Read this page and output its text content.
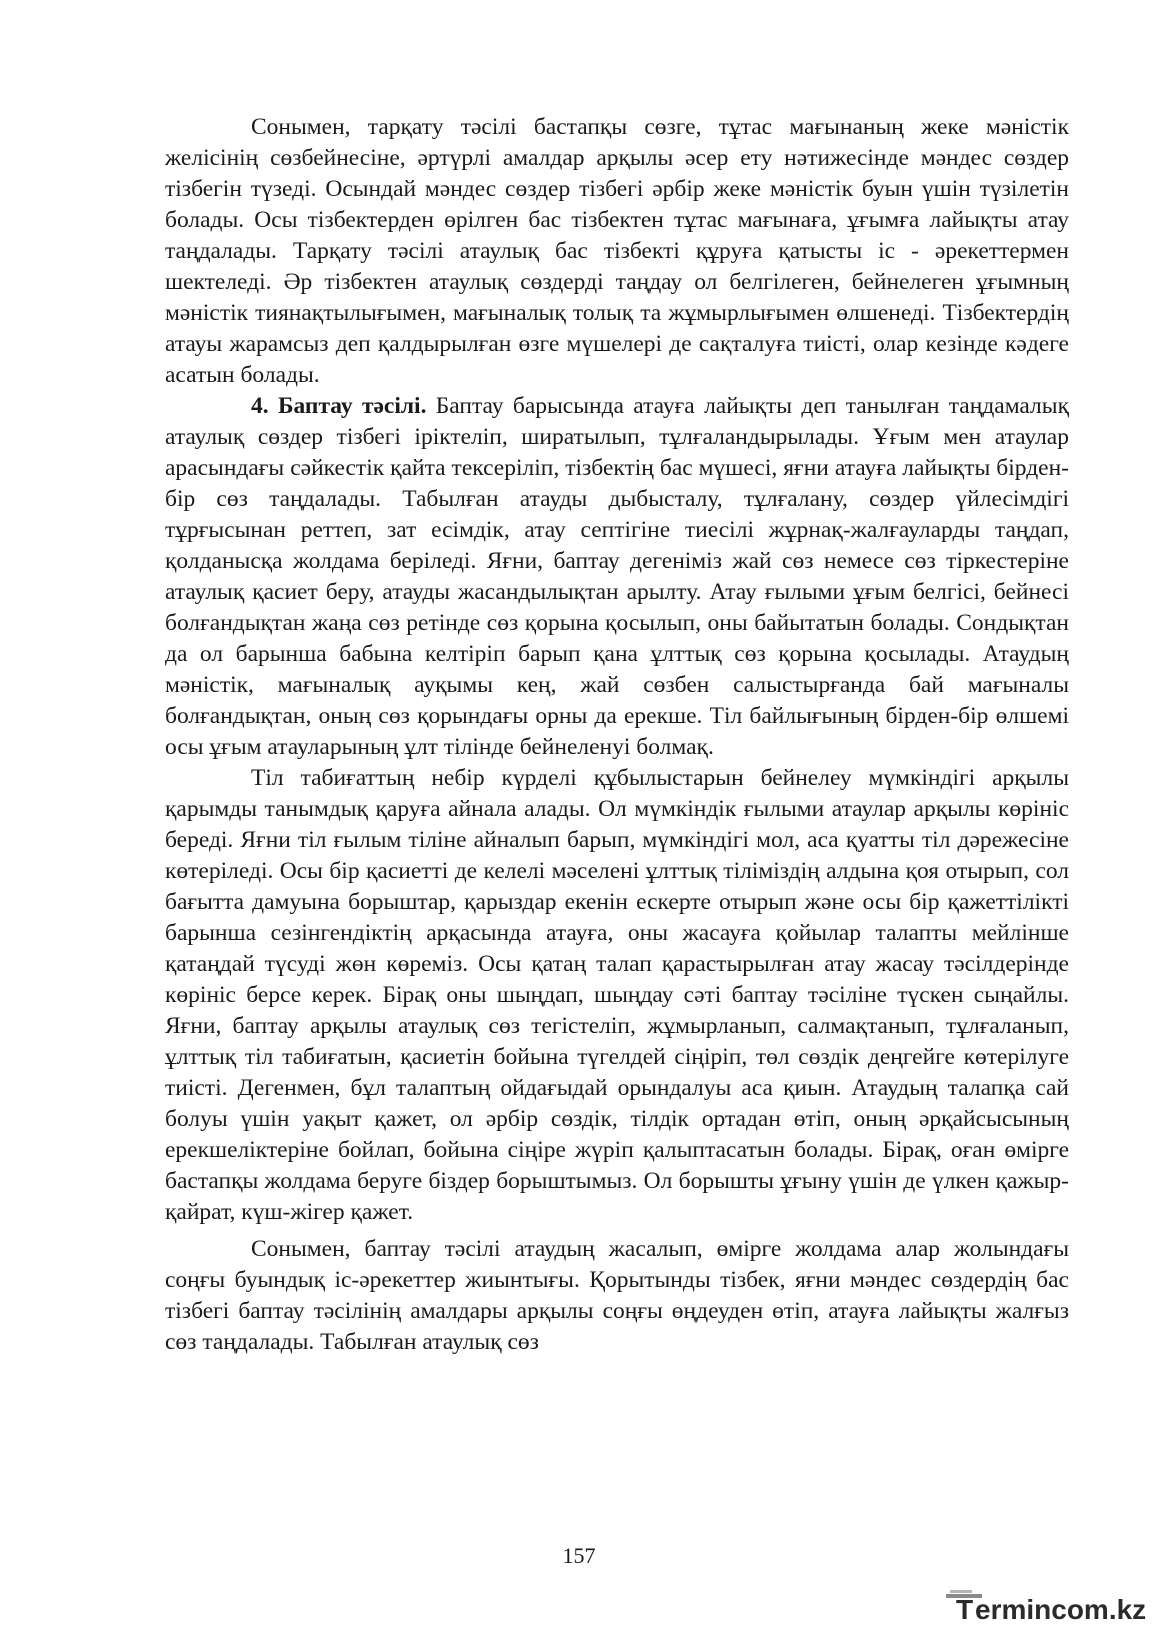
Сонымен, тарқату тәсілі бастапқы сөзге, тұтас мағынаның жеке мәністік желісінің сөзбейнесіне, әртүрлі амалдар арқылы әсер ету нәтижесінде мәндес сөздер тізбегін түзеді. Осындай мәндес сөздер тізбегі әрбір жеке мәністік буын үшін түзілетін болады. Осы тізбектерден өрілген бас тізбектен тұтас мағынаға, ұғымға лайықты атау таңдалады. Тарқату тәсілі атаулық бас тізбекті құруға қатысты іс - әрекеттермен шектеледі. Әр тізбектен атаулық сөздерді таңдау ол белгілеген, бейнелеген ұғымның мәністік тиянақтылығымен, мағыналық толық та жұмырлығымен өлшенеді. Тізбектердің атауы жарамсыз деп қалдырылған өзге мүшелері де сақталуға тиісті, олар кезінде кәдеге асатын болады.

4. Баптау тәсілі. Баптау барысында атауға лайықты деп танылған таңдамалық атаулық сөздер тізбегі іріктеліп, ширатылып, тұлғаландырылады. Ұғым мен атаулар арасындағы сәйкестік қайта тексеріліп, тізбектің бас мүшесі, яғни атауға лайықты бірден-бір сөз таңдалады. Табылған атауды дыбысталу, тұлғалану, сөздер үйлесімдігі тұрғысынан реттеп, зат есімдік, атау септігіне тиесілі жұрнақ-жалғауларды таңдап, қолданысқа жолдама беріледі. Яғни, баптау дегеніміз жай сөз немесе сөз тіркестеріне атаулық қасиет беру, атауды жасандылықтан арылту. Атау ғылыми ұғым белгісі, бейнесі болғандықтан жаңа сөз ретінде сөз қорына қосылып, оны байытатын болады. Сондықтан да ол барынша бабына келтіріп барып қана ұлттық сөз қорына қосылады. Атаудың мәністік, мағыналық ауқымы кең, жай сөзбен салыстырғанда бай мағыналы болғандықтан, оның сөз қорындағы орны да ерекше. Тіл байлығының бірден-бір өлшемі осы ұғым атауларының ұлт тілінде бейнеленуі болмақ.

Тіл табиғаттың небір күрделі құбылыстарын бейнелеу мүмкіндігі арқылы қарымды танымдық қаруға айнала алады. Ол мүмкіндік ғылыми атаулар арқылы көрініс береді. Яғни тіл ғылым тіліне айналып барып, мүмкіндігі мол, аса қуатты тіл дәрежесіне көтеріледі. Осы бір қасиетті де келелі мәселені ұлттық тіліміздің алдына қоя отырып, сол бағытта дамуына борыштар, қарыздар екенін ескерте отырып және осы бір қажеттілікті барынша сезінгендіктің арқасында атауға, оны жасауға қойылар талапты мейлінше қатаңдай түсуді жөн көреміз. Осы қатаң талап қарастырылған атау жасау тәсілдерінде көрініс берсе керек. Бірақ оны шыңдап, шыңдау сәті баптау тәсіліне түскен сыңайлы. Яғни, баптау арқылы атаулық сөз тегістеліп, жұмырланып, салмақтанып, тұлғаланып, ұлттық тіл табиғатын, қасиетін бойына түгелдей сіңіріп, төл сөздік деңгейге көтерілуге тиісті. Дегенмен, бұл талаптың ойдағыдай орындалуы аса қиын. Атаудың талапқа сай болуы үшін уақыт қажет, ол әрбір сөздік, тілдік ортадан өтіп, оның әрқайсысының ерекшеліктеріне бойлап, бойына сіңіре жүріп қалыптасатын болады. Бірақ, оған өмірге бастапқы жолдама беруге біздер борыштымыз. Ол борышты ұғыну үшін де үлкен қажыр-қайрат, күш-жігер қажет.

Сонымен, баптау тәсілі атаудың жасалып, өмірге жолдама алар жолындағы соңғы буындық іс-әрекеттер жиынтығы. Қорытынды тізбек, яғни мәндес сөздердің бас тізбегі баптау тәсілінің амалдары арқылы соңғы өңдеуден өтіп, атауға лайықты жалғыз сөз таңдалады. Табылған атаулық сөз

157
T ermincom.kz
